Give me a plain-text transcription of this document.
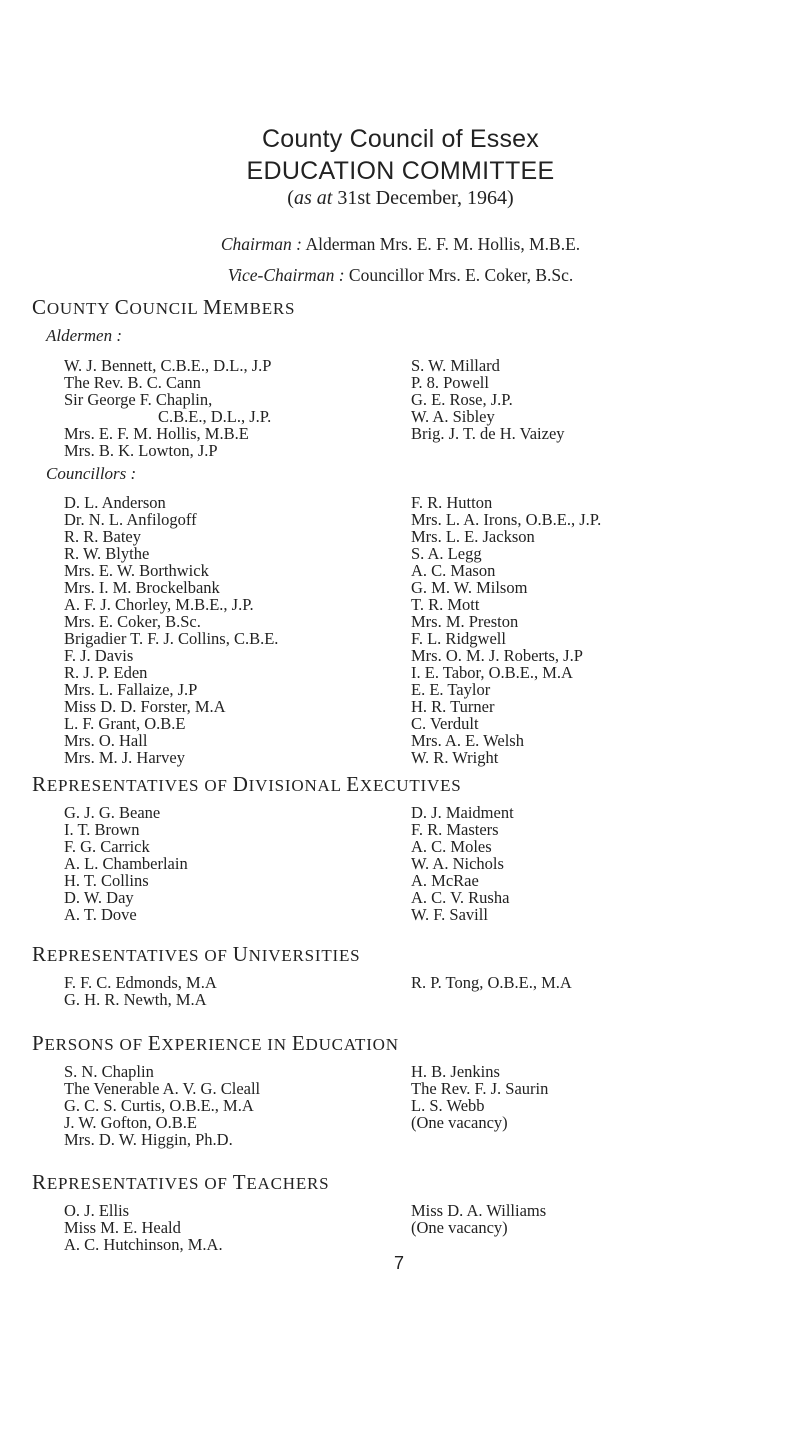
County Council of Essex
EDUCATION COMMITTEE
(as at 31st December, 1964)
Chairman : Alderman Mrs. E. F. M. Hollis, M.B.E.
Vice-Chairman : Councillor Mrs. E. Coker, B.Sc.
COUNTY COUNCIL MEMBERS
Aldermen :
W. J. Bennett, C.B.E., D.L., J.P
The Rev. B. C. Cann
Sir George F. Chaplin,
C.B.E., D.L., J.P.
Mrs. E. F. M. Hollis, M.B.E
Mrs. B. K. Lowton, J.P
S. W. Millard
P. 8. Powell
G. E. Rose, J.P.
W. A. Sibley
Brig. J. T. de H. Vaizey
Councillors :
D. L. Anderson
Dr. N. L. Anfilogoff
R. R. Batey
R. W. Blythe
Mrs. E. W. Borthwick
Mrs. I. M. Brockelbank
A. F. J. Chorley, M.B.E., J.P.
Mrs. E. Coker, B.Sc.
Brigadier T. F. J. Collins, C.B.E.
F. J. Davis
R. J. P. Eden
Mrs. L. Fallaize, J.P
Miss D. D. Forster, M.A
L. F. Grant, O.B.E
Mrs. O. Hall
Mrs. M. J. Harvey
F. R. Hutton
Mrs. L. A. Irons, O.B.E., J.P.
Mrs. L. E. Jackson
S. A. Legg
A. C. Mason
G. M. W. Milsom
T. R. Mott
Mrs. M. Preston
F. L. Ridgwell
Mrs. O. M. J. Roberts, J.P
I. E. Tabor, O.B.E., M.A
E. E. Taylor
H. R. Turner
C. Verdult
Mrs. A. E. Welsh
W. R. Wright
REPRESENTATIVES OF DIVISIONAL EXECUTIVES
G. J. G. Beane
I. T. Brown
F. G. Carrick
A. L. Chamberlain
H. T. Collins
D. W. Day
A. T. Dove
D. J. Maidment
F. R. Masters
A. C. Moles
W. A. Nichols
A. McRae
A. C. V. Rusha
W. F. Savill
REPRESENTATIVES OF UNIVERSITIES
F. F. C. Edmonds, M.A
G. H. R. Newth, M.A
R. P. Tong, O.B.E., M.A
PERSONS OF EXPERIENCE IN EDUCATION
S. N. Chaplin
The Venerable A. V. G. Cleall
G. C. S. Curtis, O.B.E., M.A
J. W. Gofton, O.B.E
Mrs. D. W. Higgin, Ph.D.
H. B. Jenkins
The Rev. F. J. Saurin
L. S. Webb
(One vacancy)
REPRESENTATIVES OF TEACHERS
O. J. Ellis
Miss M. E. Heald
A. C. Hutchinson, M.A.
Miss D. A. Williams
(One vacancy)
7
